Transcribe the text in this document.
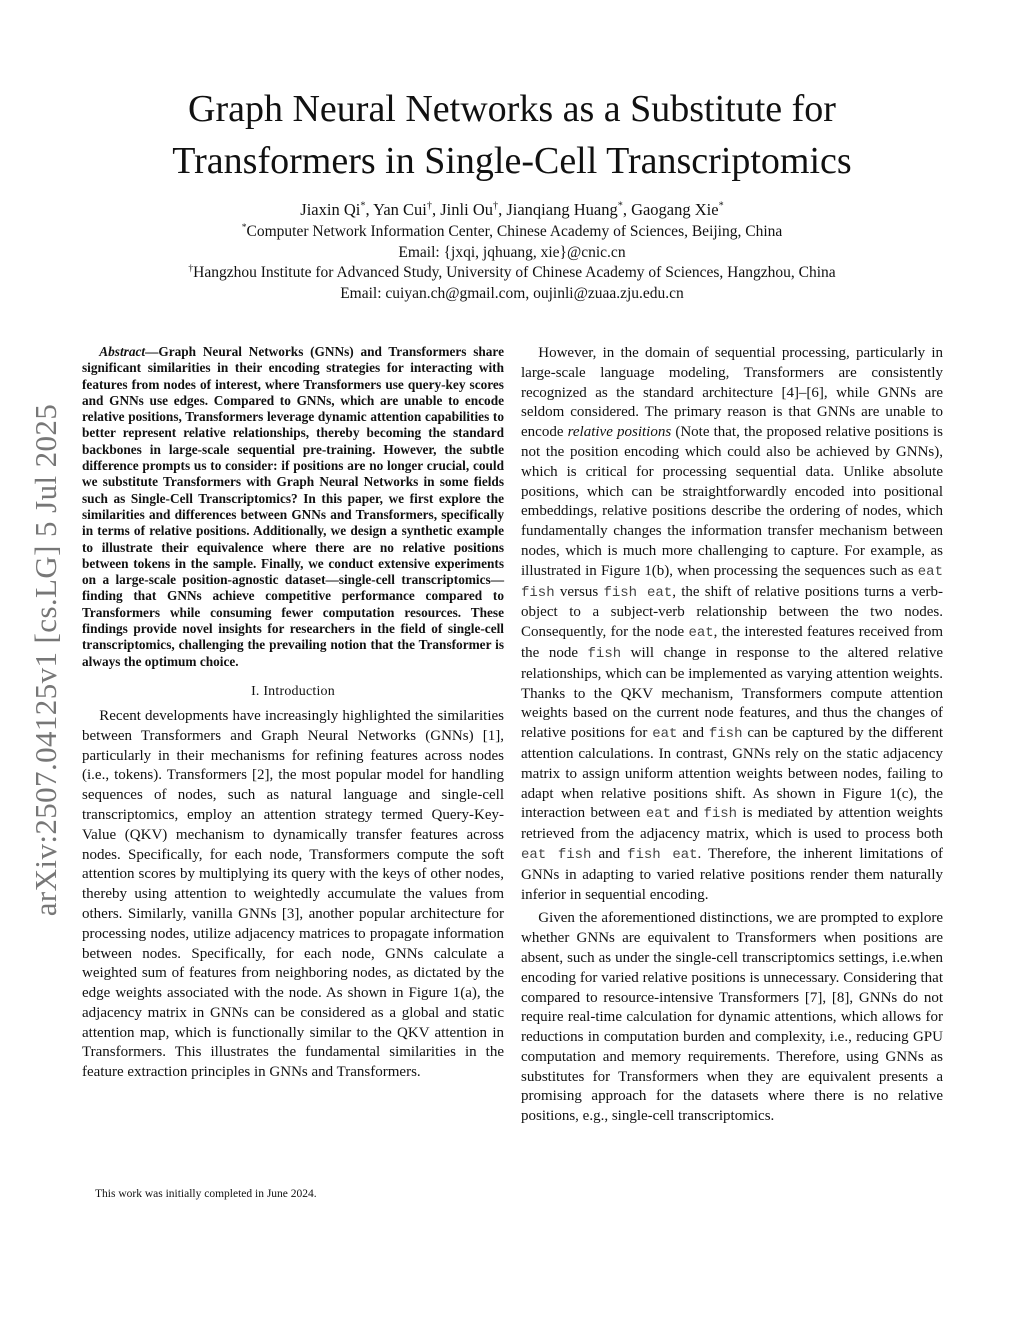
arXiv:2507.04125v1 [cs.LG] 5 Jul 2025
Graph Neural Networks as a Substitute for
Transformers in Single-Cell Transcriptomics
Jiaxin Qi*, Yan Cui†, Jinli Ou†, Jianqiang Huang*, Gaogang Xie*
*Computer Network Information Center, Chinese Academy of Sciences, Beijing, China
Email: {jxqi, jqhuang, xie}@cnic.cn
†Hangzhou Institute for Advanced Study, University of Chinese Academy of Sciences, Hangzhou, China
Email: cuiyan.ch@gmail.com, oujinli@zuaa.zju.edu.cn

Abstract—Graph Neural Networks (GNNs) and Transformers share significant similarities in their encoding strategies for interacting with features from nodes of interest, where Transformers use query-key scores and GNNs use edges. Compared to GNNs, which are unable to encode relative positions, Transformers leverage dynamic attention capabilities to better represent relative relationships, thereby becoming the standard backbones in large-scale sequential pre-training. However, the subtle difference prompts us to consider: if positions are no longer crucial, could we substitute Transformers with Graph Neural Networks in some fields such as Single-Cell Transcriptomics? In this paper, we first explore the similarities and differences between GNNs and Transformers, specifically in terms of relative positions. Additionally, we design a synthetic example to illustrate their equivalence where there are no relative positions between tokens in the sample. Finally, we conduct extensive experiments on a large-scale position-agnostic dataset—single-cell transcriptomics—finding that GNNs achieve competitive performance compared to Transformers while consuming fewer computation resources. These findings provide novel insights for researchers in the field of single-cell transcriptomics, challenging the prevailing notion that the Transformer is always the optimum choice.

I. Introduction

Recent developments have increasingly highlighted the similarities between Transformers and Graph Neural Networks (GNNs) [1], particularly in their mechanisms for refining features across nodes (i.e., tokens). Transformers [2], the most popular model for handling sequences of nodes, such as natural language and single-cell transcriptomics, employ an attention strategy termed Query-Key-Value (QKV) mechanism to dynamically transfer features across nodes. Specifically, for each node, Transformers compute the soft attention scores by multiplying its query with the keys of other nodes, thereby using attention to weightedly accumulate the values from others. Similarly, vanilla GNNs [3], another popular architecture for processing nodes, utilize adjacency matrices to propagate information between nodes. Specifically, for each node, GNNs calculate a weighted sum of features from neighboring nodes, as dictated by the edge weights associated with the node. As shown in Figure 1(a), the adjacency matrix in GNNs can be considered as a global and static attention map, which is functionally similar to the QKV attention in Transformers. This illustrates the fundamental similarities in the feature extraction principles in GNNs and Transformers.

This work was initially completed in June 2024.

However, in the domain of sequential processing, particularly in large-scale language modeling, Transformers are consistently recognized as the standard architecture [4]–[6], while GNNs are seldom considered. The primary reason is that GNNs are unable to encode relative positions (Note that, the proposed relative positions is not the position encoding which could also be achieved by GNNs), which is critical for processing sequential data. Unlike absolute positions, which can be straightforwardly encoded into positional embeddings, relative positions describe the ordering of nodes, which fundamentally changes the information transfer mechanism between nodes, which is much more challenging to capture. For example, as illustrated in Figure 1(b), when processing the sequences such as eat fish versus fish eat, the shift of relative positions turns a verb-object to a subject-verb relationship between the two nodes. Consequently, for the node eat, the interested features received from the node fish will change in response to the altered relative relationships, which can be implemented as varying attention weights. Thanks to the QKV mechanism, Transformers compute attention weights based on the current node features, and thus the changes of relative positions for eat and fish can be captured by the different attention calculations. In contrast, GNNs rely on the static adjacency matrix to assign uniform attention weights between nodes, failing to adapt when relative positions shift. As shown in Figure 1(c), the interaction between eat and fish is mediated by attention weights retrieved from the adjacency matrix, which is used to process both eat fish and fish eat. Therefore, the inherent limitations of GNNs in adapting to varied relative positions render them naturally inferior in sequential encoding.

Given the aforementioned distinctions, we are prompted to explore whether GNNs are equivalent to Transformers when positions are absent, such as under the single-cell transcriptomics settings, i.e.when encoding for varied relative positions is unnecessary. Considering that compared to resource-intensive Transformers [7], [8], GNNs do not require real-time calculation for dynamic attentions, which allows for reductions in computation burden and complexity, i.e., reducing GPU computation and memory requirements. Therefore, using GNNs as substitutes for Transformers when they are equivalent presents a promising approach for the datasets where there is no relative positions, e.g., single-cell transcriptomics.
